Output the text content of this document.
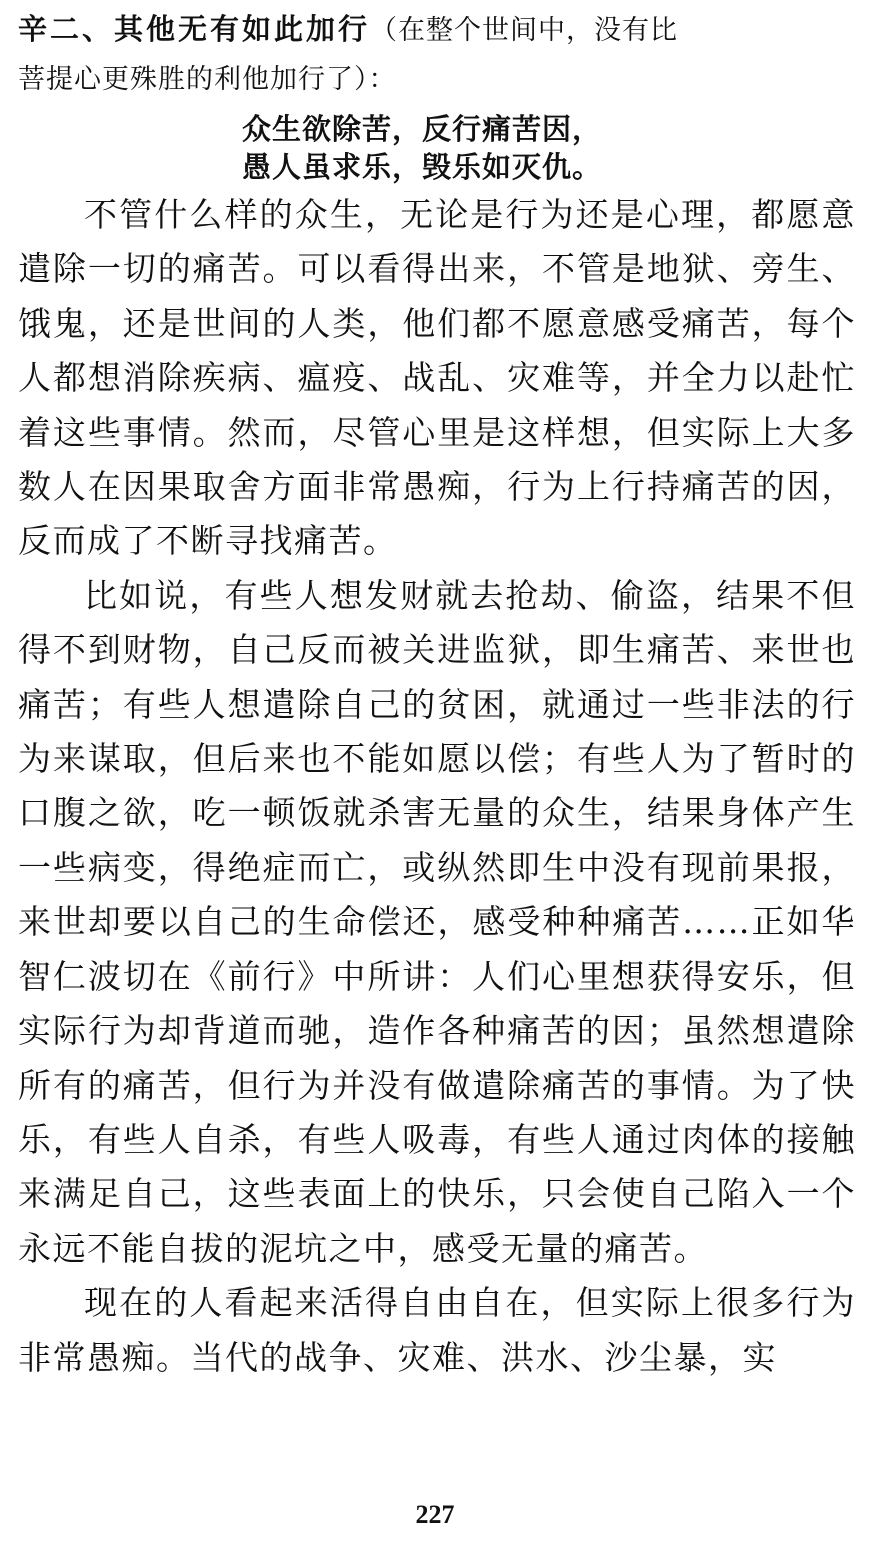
辛二、其他无有如此加行（在整个世间中，没有比
菩提心更殊胜的利他加行了）：
众生欲除苦，反行痛苦因，
愚人虽求乐，毁乐如灭仇。

不管什么样的众生，无论是行为还是心理，都愿意遣除一切的痛苦。可以看得出来，不管是地狱、旁生、饿鬼，还是世间的人类，他们都不愿意感受痛苦，每个人都想消除疾病、瘟疫、战乱、灾难等，并全力以赴忙着这些事情。然而，尽管心里是这样想，但实际上大多数人在因果取舍方面非常愚痴，行为上行持痛苦的因，反而成了不断寻找痛苦。

比如说，有些人想发财就去抢劫、偷盗，结果不但得不到财物，自己反而被关进监狱，即生痛苦、来世也痛苦；有些人想遣除自己的贫困，就通过一些非法的行为来谋取，但后来也不能如愿以偿；有些人为了暂时的口腹之欲，吃一顿饭就杀害无量的众生，结果身体产生一些病变，得绝症而亡，或纵然即生中没有现前果报，来世却要以自己的生命偿还，感受种种痛苦……正如华智仁波切在《前行》中所讲：人们心里想获得安乐，但实际行为却背道而驰，造作各种痛苦的因；虽然想遣除所有的痛苦，但行为并没有做遣除痛苦的事情。为了快乐，有些人自杀，有些人吸毒，有些人通过肉体的接触来满足自己，这些表面上的快乐，只会使自己陷入一个永远不能自拔的泥坑之中，感受无量的痛苦。

现在的人看起来活得自由自在，但实际上很多行为非常愚痴。当代的战争、灾难、洪水、沙尘暴，实

227
